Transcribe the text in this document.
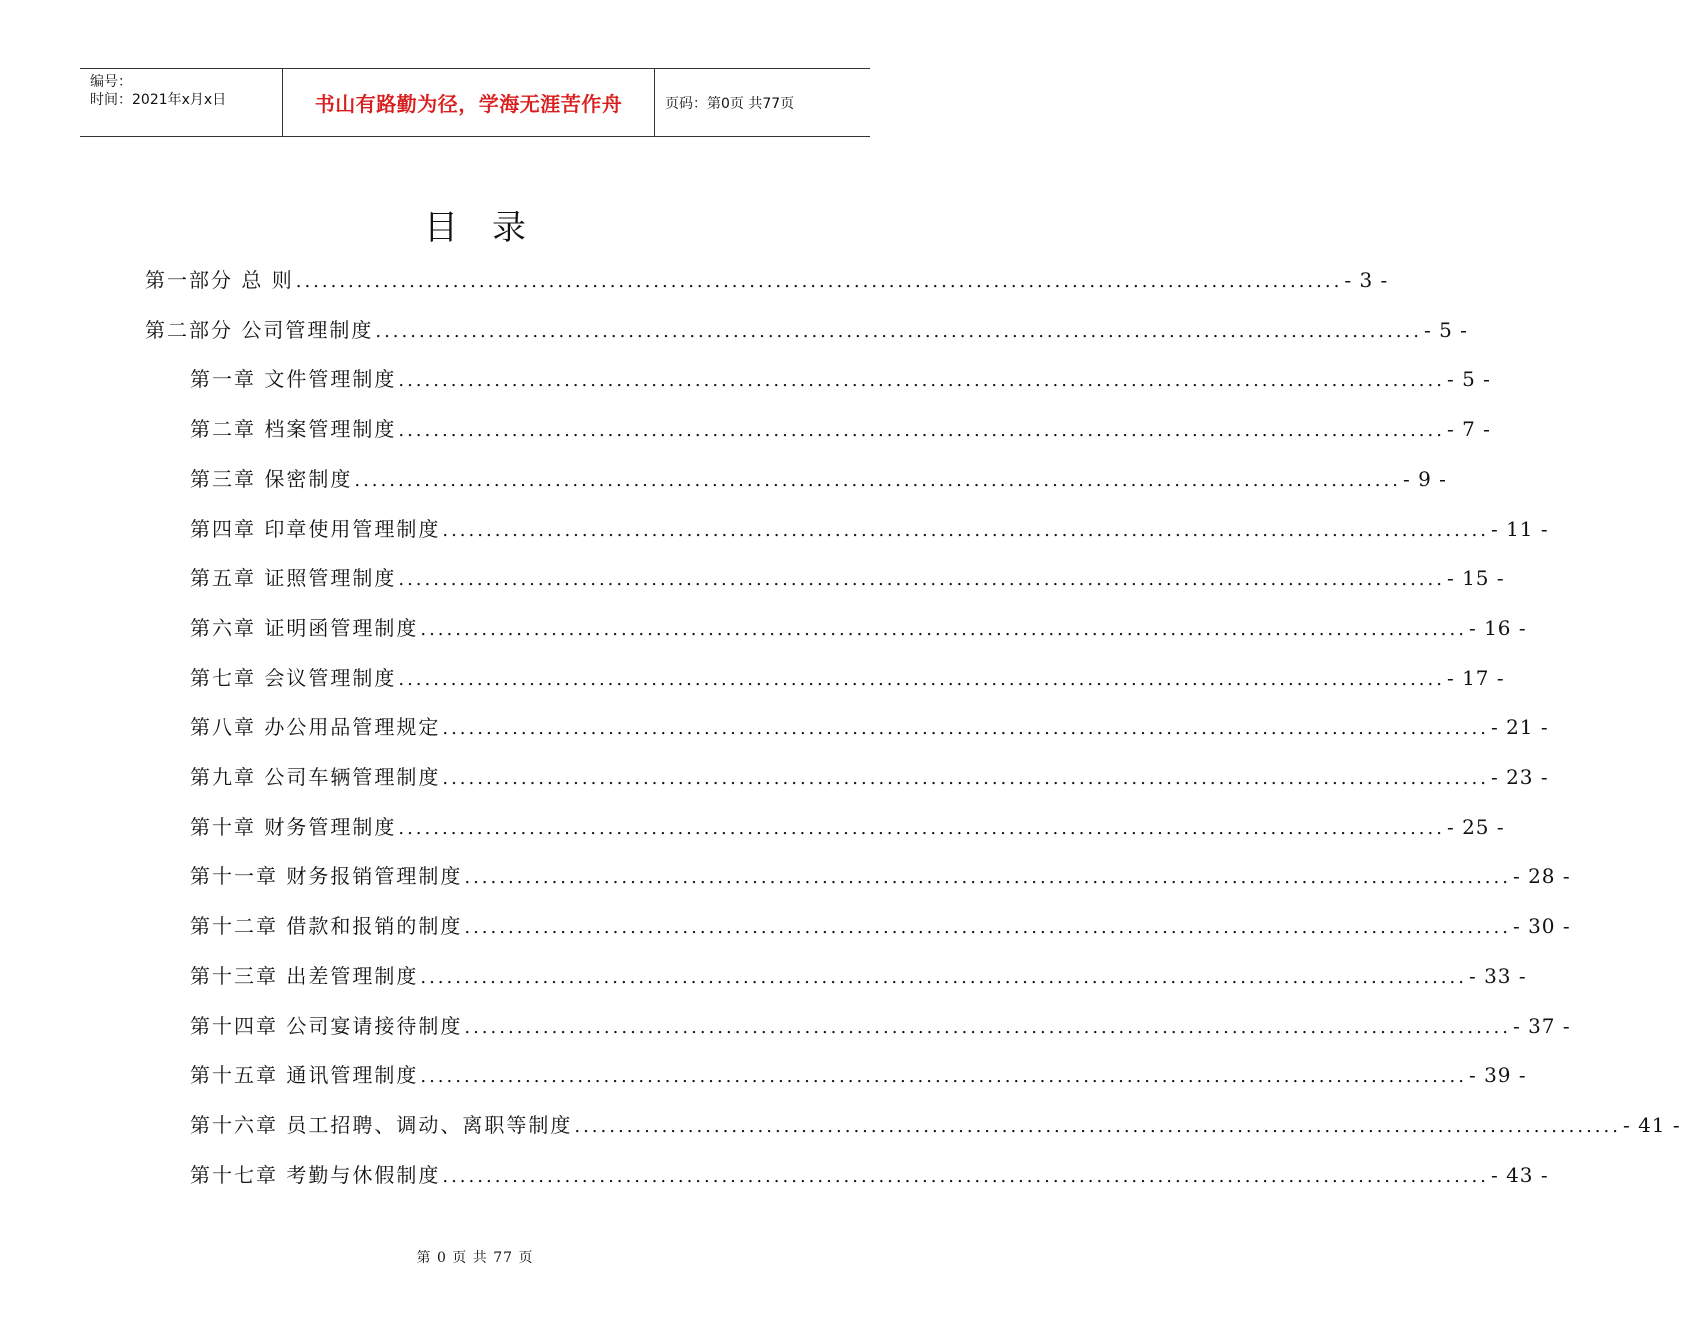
编号：
时间：2021年x月x日	书山有路勤为径，学海无涯苦作舟	页码：第0页 共77页
目录
第一部分 总 则 ........................................................................................................................ - 3 -
第二部分 公司管理制度 ........................................................................................................................ - 5 -
第一章 文件管理制度 ........................................................................................................................ - 5 -
第二章 档案管理制度 ........................................................................................................................ - 7 -
第三章 保密制度 ........................................................................................................................ - 9 -
第四章 印章使用管理制度 ........................................................................................................................ - 11 -
第五章 证照管理制度 ........................................................................................................................ - 15 -
第六章 证明函管理制度 ........................................................................................................................ - 16 -
第七章 会议管理制度 ........................................................................................................................ - 17 -
第八章 办公用品管理规定 ........................................................................................................................ - 21 -
第九章 公司车辆管理制度 ........................................................................................................................ - 23 -
第十章 财务管理制度 ........................................................................................................................ - 25 -
第十一章 财务报销管理制度 ........................................................................................................................ - 28 -
第十二章 借款和报销的制度 ........................................................................................................................ - 30 -
第十三章 出差管理制度 ........................................................................................................................ - 33 -
第十四章 公司宴请接待制度 ........................................................................................................................ - 37 -
第十五章 通讯管理制度 ........................................................................................................................ - 39 -
第十六章 员工招聘、调动、离职等制度 ........................................................................................................................ - 41 -
第十七章 考勤与休假制度 ........................................................................................................................ - 43 -
第 0 页 共 77 页
